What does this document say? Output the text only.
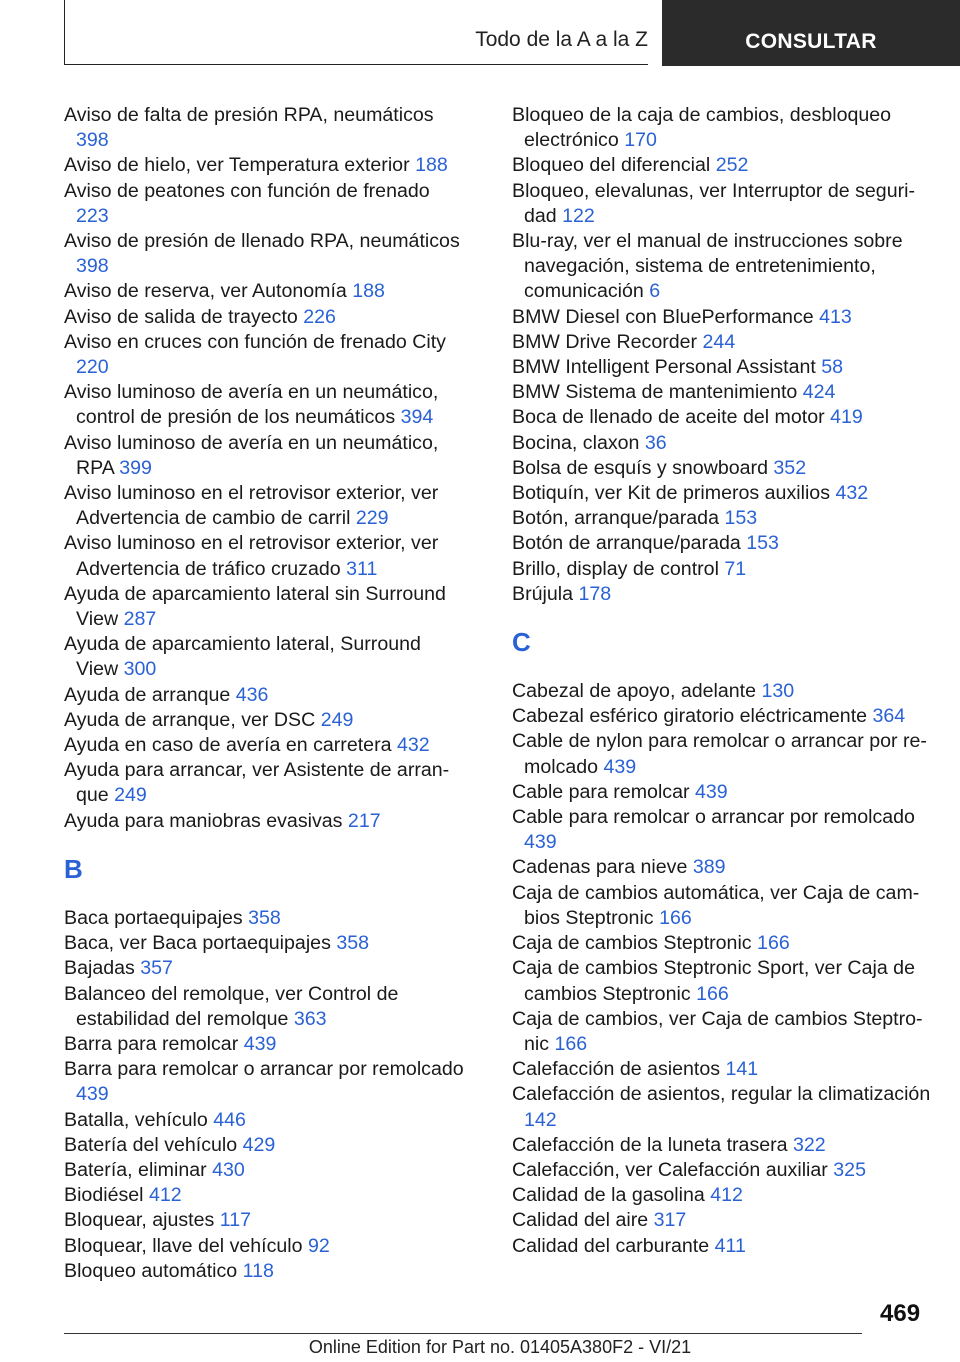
Todo de la A a la Z	CONSULTAR

Aviso de falta de presión RPA, neumáticos 398

Aviso de hielo, ver Temperatura exterior 188

Aviso de peatones con función de frenado 223

Aviso de presión de llenado RPA, neumáticos 398

Aviso de reserva, ver Autonomía 188

Aviso de salida de trayecto 226

Aviso en cruces con función de frenado City 220

Aviso luminoso de avería en un neumático, control de presión de los neumáticos 394

Aviso luminoso de avería en un neumático, RPA 399

Aviso luminoso en el retrovisor exterior, ver Advertencia de cambio de carril 229

Aviso luminoso en el retrovisor exterior, ver Advertencia de tráfico cruzado 311

Ayuda de aparcamiento lateral sin Surround View 287

Ayuda de aparcamiento lateral, Surround View 300

Ayuda de arranque 436

Ayuda de arranque, ver DSC 249

Ayuda en caso de avería en carretera 432

Ayuda para arrancar, ver Asistente de arranque 249

Ayuda para maniobras evasivas 217

B

Baca portaequipajes 358

Baca, ver Baca portaequipajes 358

Bajadas 357

Balanceo del remolque, ver Control de estabilidad del remolque 363

Barra para remolcar 439

Barra para remolcar o arrancar por remolcado 439

Batalla, vehículo 446

Batería del vehículo 429

Batería, eliminar 430

Biodiésel 412

Bloquear, ajustes 117

Bloquear, llave del vehículo 92

Bloqueo automático 118

Bloqueo de la caja de cambios, desbloqueo electrónico 170

Bloqueo del diferencial 252

Bloqueo, elevalunas, ver Interruptor de seguridad 122

Blu-ray, ver el manual de instrucciones sobre navegación, sistema de entretenimiento, comunicación 6

BMW Diesel con BluePerformance 413

BMW Drive Recorder 244

BMW Intelligent Personal Assistant 58

BMW Sistema de mantenimiento 424

Boca de llenado de aceite del motor 419

Bocina, claxon 36

Bolsa de esquís y snowboard 352

Botiquín, ver Kit de primeros auxilios 432

Botón, arranque/parada 153

Botón de arranque/parada 153

Brillo, display de control 71

Brújula 178

C

Cabezal de apoyo, adelante 130

Cabezal esférico giratorio eléctricamente 364

Cable de nylon para remolcar o arrancar por remolcado 439

Cable para remolcar 439

Cable para remolcar o arrancar por remolcado 439

Cadenas para nieve 389

Caja de cambios automática, ver Caja de cambios Steptronic 166

Caja de cambios Steptronic 166

Caja de cambios Steptronic Sport, ver Caja de cambios Steptronic 166

Caja de cambios, ver Caja de cambios Steptronic 166

Calefacción de asientos 141

Calefacción de asientos, regular la climatización 142

Calefacción de la luneta trasera 322

Calefacción, ver Calefacción auxiliar 325

Calidad de la gasolina 412

Calidad del aire 317

Calidad del carburante 411

469
Online Edition for Part no. 01405A380F2 - VI/21
